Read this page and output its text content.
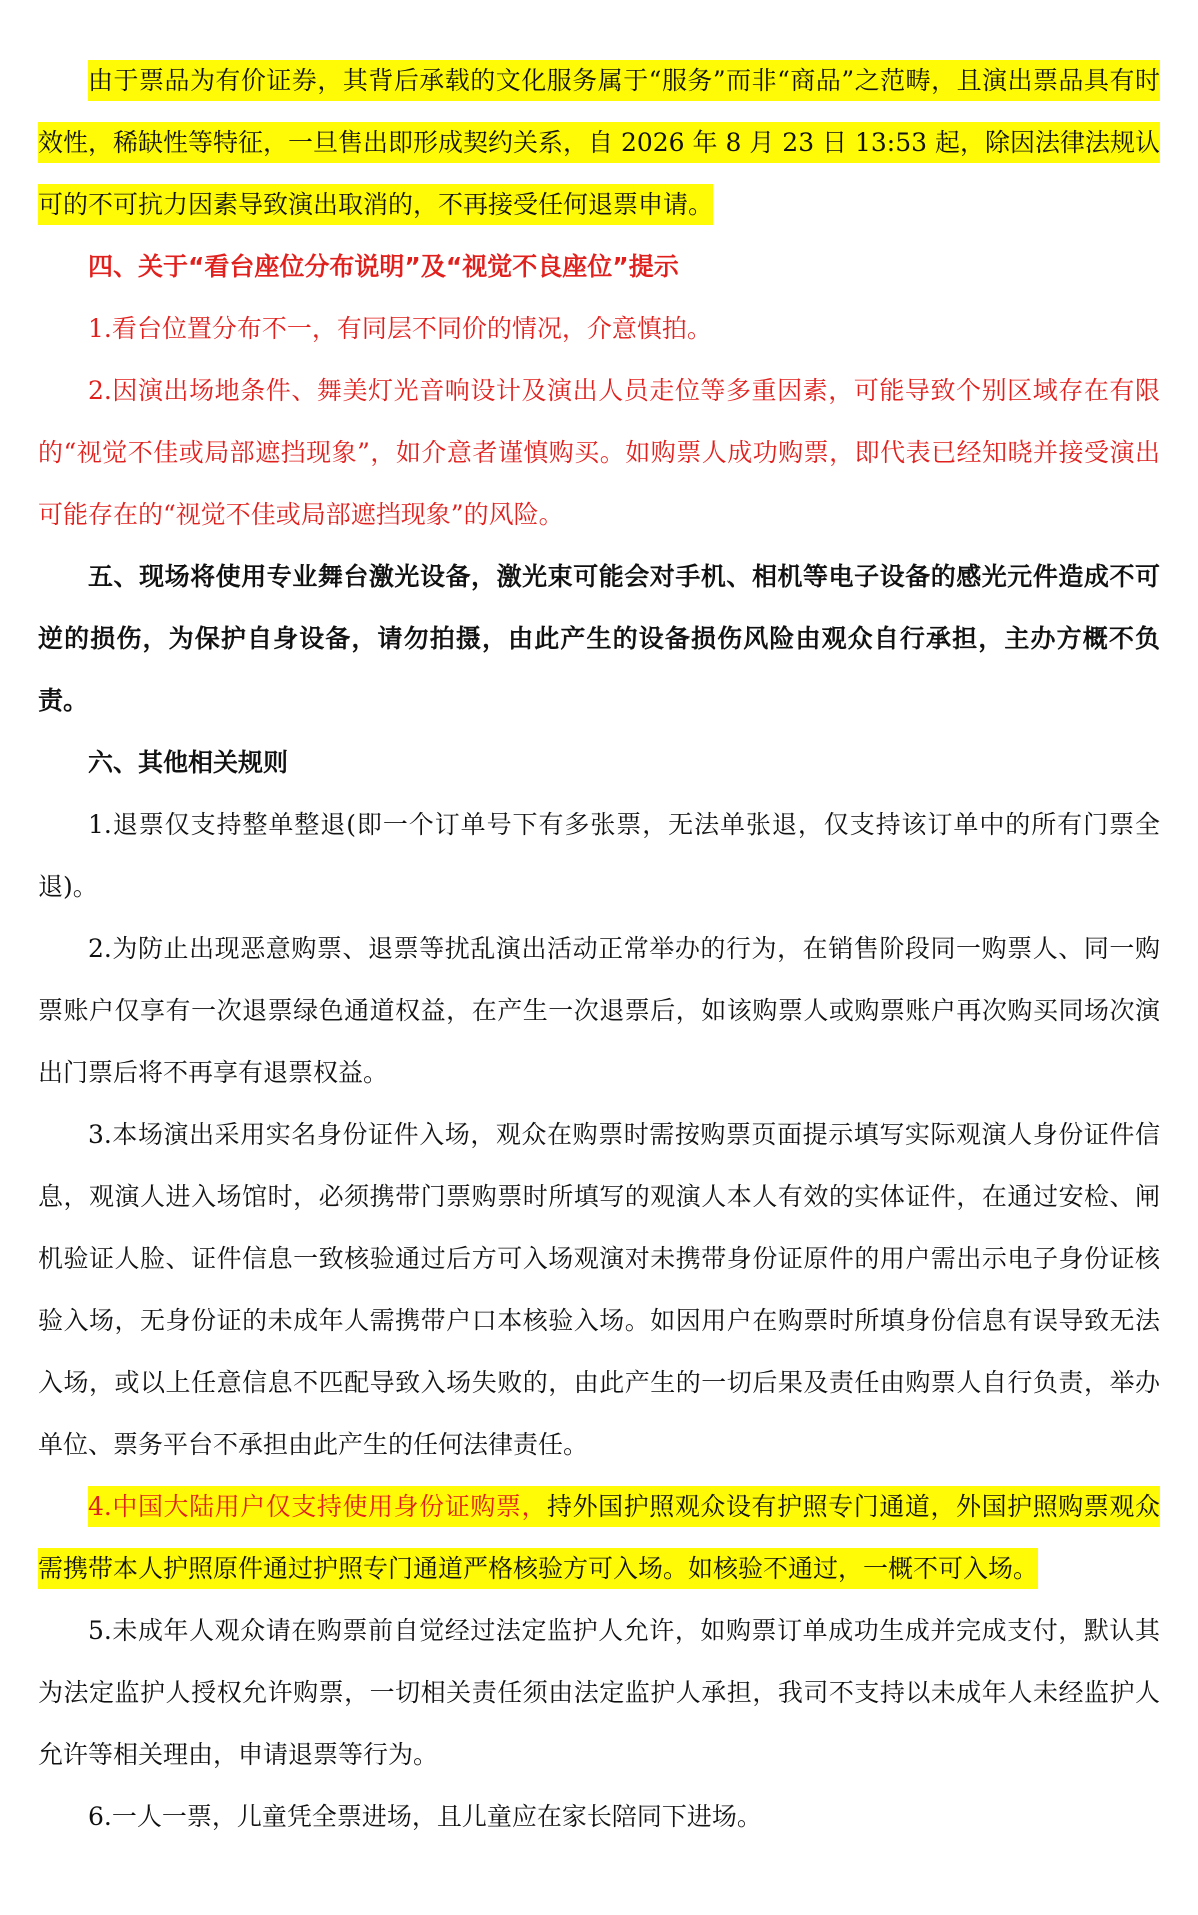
由于票品为有价证券，其背后承载的文化服务属于“服务”而非“商品”之范畴，且演出票品具有时效性，稀缺性等特征，一旦售出即形成契约关系，自 2026 年 8 月 23 日 13:53 起，除因法律法规认可的不可抗力因素导致演出取消的，不再接受任何退票申请。

四、关于“看台座位分布说明”及“视觉不良座位”提示

1.看台位置分布不一，有同层不同价的情况，介意慎拍。

2.因演出场地条件、舞美灯光音响设计及演出人员走位等多重因素，可能导致个别区域存在有限的“视觉不佳或局部遮挡现象”，如介意者谨慎购买。如购票人成功购票，即代表已经知晓并接受演出可能存在的“视觉不佳或局部遮挡现象”的风险。

五、现场将使用专业舞台激光设备，激光束可能会对手机、相机等电子设备的感光元件造成不可逆的损伤，为保护自身设备，请勿拍摄，由此产生的设备损伤风险由观众自行承担，主办方概不负责。

六、其他相关规则

1.退票仅支持整单整退(即一个订单号下有多张票，无法单张退，仅支持该订单中的所有门票全退)。

2.为防止出现恶意购票、退票等扰乱演出活动正常举办的行为，在销售阶段同一购票人、同一购票账户仅享有一次退票绿色通道权益，在产生一次退票后，如该购票人或购票账户再次购买同场次演出门票后将不再享有退票权益。

3.本场演出采用实名身份证件入场，观众在购票时需按购票页面提示填写实际观演人身份证件信息，观演人进入场馆时，必须携带门票购票时所填写的观演人本人有效的实体证件，在通过安检、闸机验证人脸、证件信息一致核验通过后方可入场观演对未携带身份证原件的用户需出示电子身份证核验入场，无身份证的未成年人需携带户口本核验入场。如因用户在购票时所填身份信息有误导致无法入场，或以上任意信息不匹配导致入场失败的，由此产生的一切后果及责任由购票人自行负责，举办单位、票务平台不承担由此产生的任何法律责任。

4.中国大陆用户仅支持使用身份证购票，持外国护照观众设有护照专门通道，外国护照购票观众需携带本人护照原件通过护照专门通道严格核验方可入场。如核验不通过，一概不可入场。

5.未成年人观众请在购票前自觉经过法定监护人允许，如购票订单成功生成并完成支付，默认其为法定监护人授权允许购票，一切相关责任须由法定监护人承担，我司不支持以未成年人未经监护人允许等相关理由，申请退票等行为。

6.一人一票，儿童凭全票进场，且儿童应在家长陪同下进场。
